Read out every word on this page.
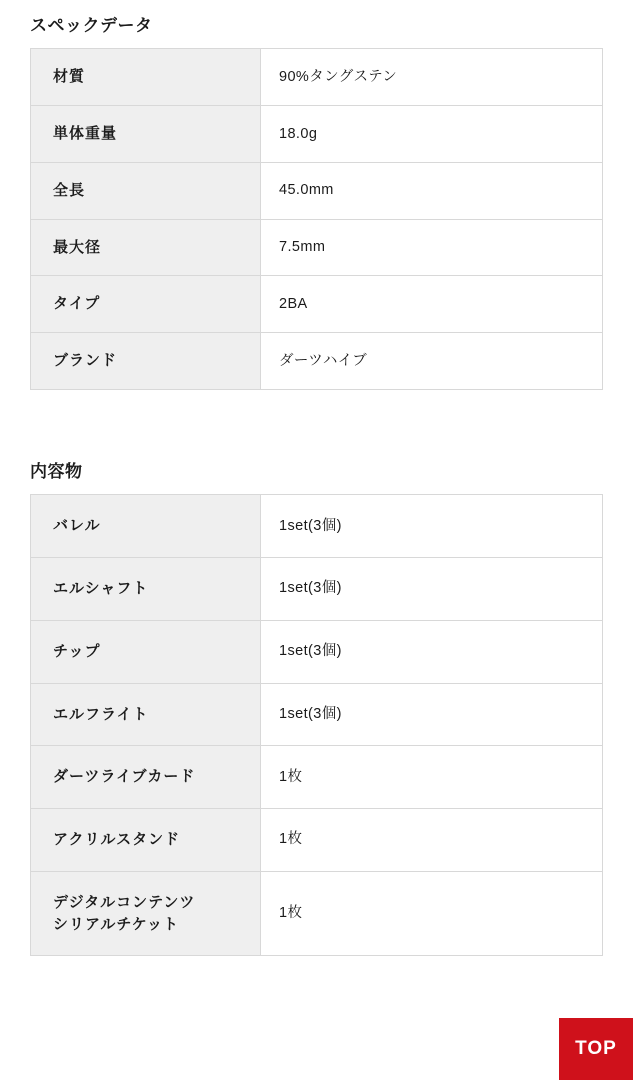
スペックデータ
材質	90%タングステン
単体重量	18.0g
全長	45.0mm
最大径	7.5mm
タイプ	2BA
ブランド	ダーツハイブ
内容物
バレル	1set(3個)
エルシャフト	1set(3個)
チップ	1set(3個)
エルフライト	1set(3個)
ダーツライブカード	1枚
アクリルスタンド	1枚
デジタルコンテンツ
シリアルチケット	1枚
TOP
